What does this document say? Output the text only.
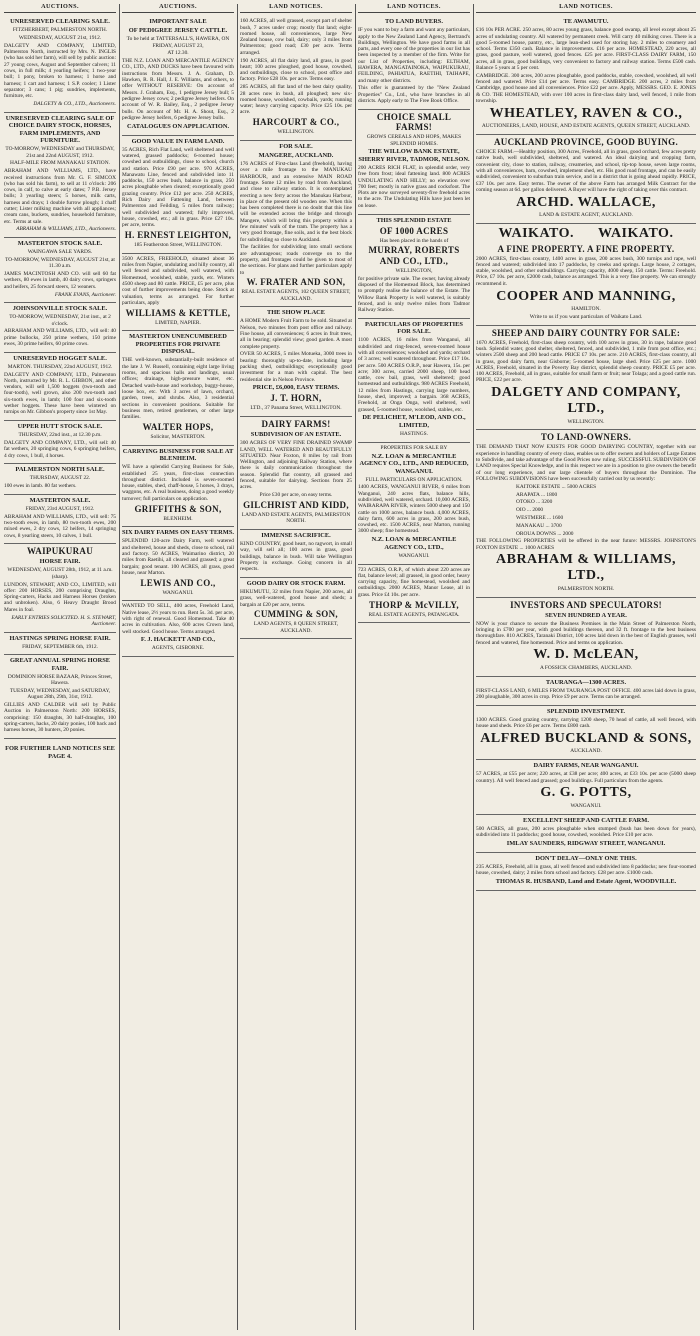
AUCTIONS.

UNRESERVED CLEARING SALE.

FITZHERBERT, PALMERSTON NORTH.

WEDNESDAY, AUGUST 21st, 1912.

DALGETY AND COMPANY, LIMITED, Palmerston North, instructed by Mrs. N. INGLIS (who has sold her farm), will sell by public auction: 27 young cows, August and September calvers; 11 cows, in full milk; 4 yearling heifers; 1 two-year bull; 1 pony, broken to harness; 1 horse and harness; 1 cart and harness; 1 S.P. cooler; 1 Lister separator; 3 cans; 1 pig; sundries, implements, furniture, etc.

DALGETY & CO., LTD., Auctioneers.

UNRESERVED CLEARING SALE OF CHOICE DAIRY STOCK, HORSES, FARM IMPLEMENTS, AND FURNITURE.

TO-MORROW, WEDNESDAY and THURSDAY, 21st and 22nd AUGUST, 1912.

HALF-MILE FROM MANAKAU STATION.

ABRAHAM AND WILLIAMS, LTD., have received instructions from Mr. G. F. SIMCOX (who has sold his farm), to sell at 11 o'clock: 206 cows, in calf, to calve at early dates; 7 P.B. Jersey bulls; 3 yearling steers; 5 horses, milk carts, harness and drays; 1 double furrow plough; 1 chaff cutter; Lister milking machine with all appliances; cream cans, buckets, sundries, household furniture, etc. Terms at sale.

ABRAHAM & WILLIAMS, LTD., Auctioneers.

MASTERTON STOCK SALE.

WAINGAWA SALE YARDS.

TO-MORROW, WEDNESDAY, AUGUST 21st, at 11.30 a.m.

JAMES MACINTOSH AND CO. will sell 60 fat wethers, 80 ewes in lamb, 40 dairy cows, springers and heifers, 25 forward steers, 12 weaners.

FRANK EVANS, Auctioneer.

JOHNSONVILLE STOCK SALE.

TO-MORROW, WEDNESDAY, 21st inst., at 2 o'clock.

ABRAHAM AND WILLIAMS, LTD., will sell: 40 prime bullocks, 250 prime wethers, 150 prime ewes, 30 prime heifers, 60 prime cows.

UNRESERVED HOGGET SALE.

MARTON. THURSDAY, 22nd AUGUST, 1912.

DALGETY AND COMPANY, LTD., Palmerston North, instructed by Mr. R. L. GIBBON, and other vendors, will sell 1,500 hoggets (two-tooth and four-tooth), well grown, also 200 two-tooth and six-tooth ewes, in lamb; 100 four and six-tooth wether hoggets. These have been wintered on turnips on Mr. Gibbon's property since 1st May.

UPPER HUTT STOCK SALE.

THURSDAY, 22nd inst., at 12.30 p.m.

DALGETY AND COMPANY, LTD., will sell: 40 fat wethers, 20 springing cows, 6 springing heifers, 4 dry cows, 1 bull, 4 horses.

PALMERSTON NORTH SALE.

THURSDAY, AUGUST 22.

100 ewes in lamb. 80 fat wethers.

MASTERTON SALE.

FRIDAY, 23rd AUGUST, 1912.

ABRAHAM AND WILLIAMS, LTD., will sell: 75 two-tooth ewes, in lamb, 80 two-tooth ewes, 200 mixed ewes, 2 dry cows, 12 heifers, 14 springing cows, 8 yearling steers, 10 calves, 1 bull.

WAIPUKURAU

HORSE FAIR.

WEDNESDAY, AUGUST 28th, 1912, at 11 a.m. (sharp).

LUNDON, STEWART, AND CO., LIMITED, will offer: 200 HORSES, 200 comprising Draughts, Spring-carters, Hacks and Harness Horses (broken and unbroken). Also, 6 Heavy Draught Brood Mares in foal.

EARLY ENTRIES SOLICITED. H. S. STEWART, Auctioneer.

HASTINGS SPRING HORSE FAIR.

FRIDAY, SEPTEMBER 6th, 1912.

GREAT ANNUAL SPRING HORSE FAIR.

DOMINION HORSE BAZAAR, Princes Street, Hawera.

TUESDAY, WEDNESDAY, and SATURDAY, August 28th, 29th, 31st, 1912.

GILLIES AND CALDER will sell by Public Auction in Palmerston North: 200 HORSES, comprising: 150 draughts, 30 half-draughts, 100 spring-carters, hacks, 20 dairy ponies, 100 back and harness horses, 30 hunters, 20 ponies.

FOR FURTHER LAND NOTICES SEE PAGE 4.

AUCTIONS.

IMPORTANT SALE

OF PEDIGREE JERSEY CATTLE.

To be held at TATTERSALL'S, HAWERA, ON FRIDAY, AUGUST 23,

AT 12.30.

THE N.Z. LOAN AND MERCANTILE AGENCY CO., LTD., AND DUCKS have been favoured with instructions from Messrs. J. A. Graham, D. Hawken, R. R. Hall, J. E. Williams, and others, to offer WITHOUT RESERVE: On account of Messrs. J. Graham, Esq., 1 pedigree Jersey bull; 5 pedigree Jersey cows; 2 pedigree Jersey heifers. On account of W. R. Bailey, Esq., 2 pedigree Jersey bulls. On account of Mr. H. A. Shout, Esq., 2 pedigree Jersey heifers, 6 pedigree Jersey bulls.

CATALOGUES ON APPLICATION.

GOOD VALUE IN FARM LAND.

35 ACRES, Rich Flat Land, well sheltered and well watered, grassed paddocks; 6-roomed house; cowshed and outbuildings, close to school, church and station. Price £90 per acre. 970 ACRES, Manawatu Line, fenced and subdivided into 11 paddocks, 150 acres bush, balance in grass, 250 acres ploughable when cleared; exceptionally good grazing country. Price £12 per acre. 250 ACRES, Rich Dairy and Fattening Land, between Palmerston and Feilding, 5 miles from railway; well subdivided and watered; fully improved, house, cowshed, etc.; all in grass. Price £27 10s. per acre, terms.

H. ERNEST LEIGHTON,

185 Featherston Street, WELLINGTON.

3500 ACRES, FREEHOLD, situated about 36 miles from Napier, undulating and hilly country, all well fenced and subdivided, well watered, with Homestead, woolshed, stable, yards, etc. Winters 4500 sheep and 80 cattle. PRICE, £5 per acre, plus cost of further improvements being done. Stock at valuation, terms as arranged. For further particulars, apply

WILLIAMS & KETTLE,

LIMITED, NAPIER.

MASTERTON UNENCUMBERED PROPERTIES FOR PRIVATE DISPOSAL.

THE well-known, substantially-built residence of the late J. W. Russell, containing eight large living rooms, and spacious halls and landings, usual offices; drainage, high-pressure water, etc. Detached wash-house and workshop, buggy-house, loose box, etc. With 3 acres of lawn, orchard, garden, trees, and shrubs. Also, 3 residential sections in convenient positions. Suitable for business men, retired gentlemen, or other large families.

WALTER HOPS,

Solicitor, MASTERTON.

CARRYING BUSINESS FOR SALE AT BLENHEIM.

WE have a splendid Carrying Business for Sale, established 25 years, first-class connection throughout district. Included is seven-roomed house, stables, shed, chaff-house, 5 horses, 3 drays, waggons, etc. A real business, doing a good weekly turnover; full particulars on application.

GRIFFITHS & SON,

BLENHEIM.

SIX DAIRY FARMS ON EASY TERMS.

SPLENDID 120-acre Dairy Farm, well watered and sheltered, house and sheds, close to school, rail and factory. 50 ACRES, Waimarino district, 20 miles from Raetihi, all cleared and grassed; a great bargain; good tenant. 100 ACRES, all grass, good house, near Marton.

LEWIS AND CO.,

WANGANUI.

WANTED TO SELL, 400 acres, Freehold Land, Native lease, 2½ years to run. Rent 5s. 3d. per acre, with right of renewal. Good Homestead. Take 40 acres in cultivation. Also, 600 acres Crown land, well stocked. Good house. Terms arranged.

F. J. HACKETT AND CO.,

AGENTS, GISBORNE.

LAND NOTICES.

160 ACRES, all well grassed, except part of shelter bush, 7 acres under crop; mostly flat land; eight-roomed house, all conveniences, large New Zealand house, cow bail, dairy; only 3 miles from Palmerston; good road; £30 per acre. Terms arranged.

190 ACRES, all flat dairy land, all grass, in good heart; 100 acres ploughed, good house, cowshed, and outbuildings, close to school, post office and factory. Price £28 10s. per acre. Terms easy.

285 ACRES, all flat land of the best dairy quality, 28 acres now in bush, all ploughed; new six-roomed house, woolshed, cowbails, yards; running water; heavy carrying capacity. Price £25 10s. per acre.

HARCOURT & CO.,

WELLINGTON.

FOR SALE.

MANGERE, AUCKLAND.

176 ACRES of First-class Land (freehold), having over a mile frontage to the MANUKAU HARBOUR, and an extensive MAIN ROAD frontage. Some 12 miles by road from Auckland, and close to railway station. It is contemplated erecting a new ferry across the Manukau Harbour, in place of the present old wooden one. When this has been completed there is no doubt that this line will be extended across the bridge and through Mangere, which will bring this property within a few minutes' walk of the tram. The property has a very good frontage, fine soils, and is the best block for subdividing so close to Auckland.

The facilities for subdividing into small sections are advantageous; roads converge on to the property, and frontages could be given to most of the sections. For plans and further particulars apply to

W. FRATER AND SON,

REAL ESTATE AGENTS, 102 QUEEN STREET, AUCKLAND.

THE SHOW PLACE

A HOME Modern Fruit Farm to be sold. Situated at Nelson, two minutes from post office and railway. Fine house, all conveniences; 6 acres in fruit trees, all in bearing; splendid view; good garden. A most complete property.

OVER 50 ACRES, 5 miles Motueka, 3000 trees in bearing: thoroughly up-to-date, including large packing shed, outbuildings; exceptionally good investment for a man with capital. The best residential site in Nelson Province.

PRICE, £6,000, EASY TERMS.

J. T. HORN,

LTD., 37 Panama Street, WELLINGTON.

DAIRY FARMS!

SUBDIVISION OF AN ESTATE.

300 ACRES OF VERY FINE DRAINED SWAMP LAND, WELL WATERED AND BEAUTIFULLY SITUATED. Near Foxton, 8 miles by rail from Wellington, and adjoining Railway Station, where there is daily communication throughout the season. Splendid flat country, all grassed and fenced, suitable for dairying. Sections from 25 acres.

Price £30 per acre, on easy terms.

GILCHRIST AND KIDD,

LAND AND ESTATE AGENTS, PALMERSTON NORTH.

IMMENSE SACRIFICE.

KIND COUNTRY, good heart, no ragwort, in small way, will sell all; 100 acres in grass, good buildings, balance in bush. Will take Wellington Property in exchange. Going concern in all respects.

GOOD DAIRY OR STOCK FARM.

HIKUMUTU, 32 miles from Napier, 200 acres, all grass, well-watered, good house and sheds; a bargain at £20 per acre, terms.

CUMMING & SON,

LAND AGENTS, 8 QUEEN STREET, AUCKLAND.

LAND NOTICES.

TO LAND BUYERS.

IF you want to buy a farm and want any particulars, apply to the New Zealand Land Agency, Bertrand's Buildings, Wellington. We have good farms in all parts, and every one of the properties in our list has been inspected by a member of the firm. Write for our List of Properties, including: ELTHAM, HAWERA, MANGATAINOKA, WAIPUKURAU, FEILDING, PAHIATUA, RAETIHI, TAIHAPE, and many other districts.

This offer is guaranteed by the "New Zealand Properties" Co., Ltd., who have branches in all districts. Apply early to The Free Book Office.

CHOICE SMALL FARMS!

GROWS CEREALS AND HOPS, MAKES SPLENDID HOMES.

THE WILLOW BANK ESTATE, SHERRY RIVER, TADMOR, NELSON.

200 ACRES RICH FLAT, in splendid order, very free from frost; ideal fattening land. 800 ACRES UNDULATING AND HILLY; no elevation over 700 feet; mostly in native grass and cocksfoot. The Plots are now surveyed seventy-five freehold acres to the acre. The Undulating Hills have just been let on lease.

THIS SPLENDID ESTATE

OF 1000 ACRES

Has been placed in the hands of

MURRAY, ROBERTS AND CO., LTD.,

WELLINGTON,

for positive private sale. The owner, having already disposed of the Homestead Block, has determined to promptly realise the balance of the Estate. The Willow Bank Property is well watered, is suitably fenced, and is only twelve miles from Tadmor Railway Station.

PARTICULARS OF PROPERTIES FOR SALE.

1100 ACRES, 16 miles from Wanganui, all subdivided and ring-fenced, seven-roomed house with all conveniences; woolshed and yards; orchard of 3 acres; well watered throughout. Price £17 10s. per acre. 500 ACRES O.R.P., near Hawera, 15s. per acre; 300 acres, carried 2000 sheep, 100 head cattle, cow bail, grass, well sheltered; good homestead and outbuildings. 980 ACRES Freehold, 12 miles from Hastings, carrying large numbers, house, shed, improved; a bargain. 368 ACRES, Freehold, at Onga Onga, well sheltered, well grassed, 5-roomed house, woolshed, stables, etc.

DE PELICHET, M'LEOD, AND CO., LIMITED,

HASTINGS.

PROPERTIES FOR SALE BY

N.Z. LOAN & MERCANTILE AGENCY CO., LTD., AND REDUCED, WANGANUI.

FULL PARTICULARS ON APPLICATION.

1400 ACRES, WANGANUI RIVER, 6 miles from Wanganui, 240 acres flats, balance hills, subdivided, well watered, orchard. 10,000 ACRES, WAIRARAPA RIVER, winters 5000 sheep and 150 cattle on 1000 acres, balance bush. 4,000 ACRES, dairy farm, 600 acres in grass, 200 acres bush, cowshed, etc. 1500 ACRES, near Marton, running 3000 sheep; fine homestead.

N.Z. LOAN & MERCANTILE AGENCY CO., LTD.,

WANGANUI.

723 ACRES, O.R.P., of which about 220 acres are flat, balance level; all grassed, in good order, heavy carrying capacity, fine homestead, woolshed and outbuildings. 2000 ACRES, Manor Lease, all in grass. Price £4 10s. per acre.

THORP & McVILLY,

REAL ESTATE AGENTS, PATANGATA.

LAND NOTICES.

TE AWAMUTU.

£16 10s PER ACRE. 250 acres, 80 acres young grass, balance good swamp, all level except about 25 acres of undulating country. All watered by permanent creek. Will carry 40 milking cows. There is a good 5-roomed house, pantry, etc., large lean-shed used for storing hay. 2 miles to creamery and school. Terms £350 cash. Balance in improvements. £16 per acre. HOMESTEAD, 220 acres, all grass, good pasture, well watered, good fences. £25 per acre. FIRST-CLASS DAIRY FARM, 150 acres, all in grass, good buildings, very convenient to factory and railway station. Terms £500 cash. Balance 5 years at 5 per cent.

CAMBRIDGE. 300 acres, 200 acres ploughable, good paddocks, stable, cowshed, woolshed, all well fenced and watered. Price £14 per acre. Terms easy. CAMBRIDGE. 200 acres, 2 miles from Cambridge, good house and all conveniences. Price £22 per acre. Apply, MESSRS. GEO. E. JONES & CO. THE HOMESTEAD, with over 100 acres in first-class dairy land, well fenced, 1 mile from township.

WHEATLEY, RAVEN & CO.,

AUCTIONEERS, LAND, HOUSE, AND ESTATE AGENTS, QUEEN STREET, AUCKLAND.

AUCKLAND PROVINCE, GOOD BUYING.

CHOICE FARM.—Healthy position, 300 Acres, Freehold, all in grass, good orchard, few acres pretty native bush, well subdivided, sheltered, and watered. An ideal dairying and cropping farm, convenient city, close to station, railway, creameries, and school, tip-top house, seven large rooms, with all conveniences, barn, cowshed, implement shed, etc. His good road frontage, and can be easily subdivided, convenient to suburban train service, and in a district that is going ahead rapidly. PRICE, £37 10s. per acre. Easy terms. The owner of the above Farm has arranged Milk Contract for the coming season at 6d. per gallon delivered. A Buyer will have the right of taking over this contract.

ARCHD. WALLACE,

LAND & ESTATE AGENT, AUCKLAND.

WAIKATO. WAIKATO.

A FINE PROPERTY. A FINE PROPERTY.

2000 ACRES, first-class country, 1400 acres in grass, 200 acres bush, 300 turnips and rape, well fenced and watered; subdivided into 17 paddocks, by creeks and springs. Large house, 2 cottages, stable, woolshed, and other outbuildings. Carrying capacity, 4000 sheep, 150 cattle. Terms: Freehold. Price, £7 10s. per acre, £2000 cash, balance as arranged. This is a very fine property. We can strongly recommend it.

COOPER AND MANNING,

HAMILTON.

Write to us if you want particulars of Waikato Land.

SHEEP AND DAIRY COUNTRY FOR SALE:

1670 ACRES, Freehold, first-class sheep country, with 100 acres in grass, 30 in rape, balance good bush. Splendid water, good shelter, sheltered, fenced, and subdivided, 1 mile from post office, etc.; winters 2500 sheep and 200 head cattle. PRICE £7 10s. per acre. 210 ACRES, first-class country, all in grass, good dairy farm, near Gisborne; 5-roomed house, large shed. Price £25 per acre. 1000 ACRES, Freehold, situated in the Poverty Bay district, splendid sheep country. PRICE £5 per acre. 100 ACRES, Freehold, all in grass, suitable for small farm or fruit; near Tolaga; and a good cattle run. PRICE, £22 per acre.

DALGETY AND COMPANY, LTD.,

WELLINGTON.

TO LAND-OWNERS.

THE DEMAND THAT NOW EXISTS FOR GOOD DAIRYING COUNTRY, together with our experience in handling country of every class, enables us to offer owners and holders of Large Estates to Subdivide, and take advantage of the Good Prices now ruling. SUCCESSFUL SUBDIVISION OF LAND requires Special Knowledge, and in this respect we are in a position to give owners the benefit of our long experience, and our large clientele of buyers throughout the Dominion. The FOLLOWING SUBDIVISIONS have been successfully carried out by us recently:

KAITOKE ESTATE ... 5000 ACRES

ARAPATA ... 1800

OTOKO ... 3200

OIO ... 2000

WESTMERE ... 1600

MANAKAU ... 3700

OROUA DOWNS ... 2000

THE FOLLOWING PROPERTIES will be offered in the near future: MESSRS. JOHNSTON'S FOXTON ESTATE ... 1000 ACRES

ABRAHAM & WILLIAMS, LTD.,

PALMERSTON NORTH.

INVESTORS AND SPECULATORS!

SEVEN HUNDRED A YEAR.

NOW is your chance to secure the Business Premises in the Main Street of Palmerston North, bringing in £700 per year, with good buildings thereon, and 32 ft. frontage to the best business thoroughfare. 810 ACRES, Taranaki District, 100 acres laid down in the best of English grasses, well fenced and watered, fine homestead. Price and terms on application.

W. D. McLEAN,

A FOSSICK CHAMBERS, AUCKLAND.

TAURANGA—1300 ACRES.

FIRST-CLASS LAND, 6 MILES FROM TAURANGA POST OFFICE. 400 acres laid down in grass, 200 ploughable, 300 acres in crop. Price £9 per acre. Terms can be arranged.

SPLENDID INVESTMENT.

1300 ACRES. Good grazing country, carrying 1200 sheep, 70 head of cattle, all well fenced, with house and sheds. Price £6 per acre. Terms £800 cash.

ALFRED BUCKLAND & SONS,

AUCKLAND.

DAIRY FARMS, NEAR WANGANUI.

57 ACRES, at £55 per acre; 220 acres, at £38 per acre; 400 acres, at £33 10s. per acre (5000 sheep country). All well fenced and grassed; good buildings. Full particulars from the agents.

G. G. POTTS,

WANGANUI.

EXCELLENT SHEEP AND CATTLE FARM.

500 ACRES, all grass, 200 acres ploughable when stumped (bush has been down for years), subdivided into 11 paddocks; good house, cowshed, woolshed. Price £10 per acre.

IMLAY SAUNDERS, RIDGWAY STREET, WANGANUI.

DON'T DELAY—ONLY ONE THIS.

235 ACRES, Freehold, all in grass, all well fenced and subdivided into 8 paddocks; new four-roomed house, cowshed, dairy; 2 miles from school and factory. £28 per acre. £1000 cash.

THOMAS R. HUSBAND, Land and Estate Agent, WOODVILLE.
